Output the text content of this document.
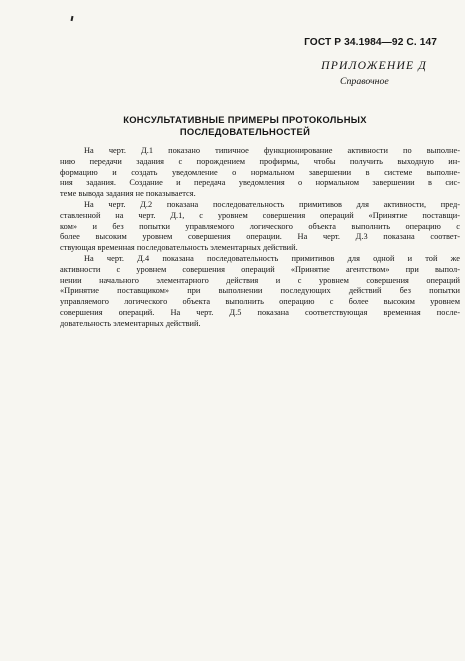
ГОСТ Р 34.1984—92 С. 147
ПРИЛОЖЕНИЕ Д
Справочное
КОНСУЛЬТАТИВНЫЕ ПРИМЕРЫ ПРОТОКОЛЬНЫХ
ПОСЛЕДОВАТЕЛЬНОСТЕЙ

На черт. Д.1 показано типичное функционирование активности по выполне-
нию передачи задания с порождением профирмы, чтобы получить выходную ин-
формацию и создать уведомление о нормальном завершении в системе выполне-
ния задания. Создание и передача уведомления о нормальном завершении в сис-
теме вывода задания не показывается.

На черт. Д.2 показана последовательность примитивов для активности, пред-
ставленной на черт. Д.1, с уровнем совершения операций «Принятие поставщи-
ком» и без попытки управляемого логического объекта выполнить операцию с
более высоким уровнем совершения операции. На черт. Д.3 показана соответ-
ствующая временная последовательность элементарных действий.

На черт. Д.4 показана последовательность примитивов для одной и той же
активности с уровнем совершения операций «Принятие агентством» при выпол-
нении начального элементарного действия и с уровнем совершения операций
«Принятие поставщиком» при выполнении последующих действий без попытки
управляемого логического объекта выполнить операцию с более высоким уровнем
совершения операций. На черт. Д.5 показана соответствующая временная после-
довательность элементарных действий.
